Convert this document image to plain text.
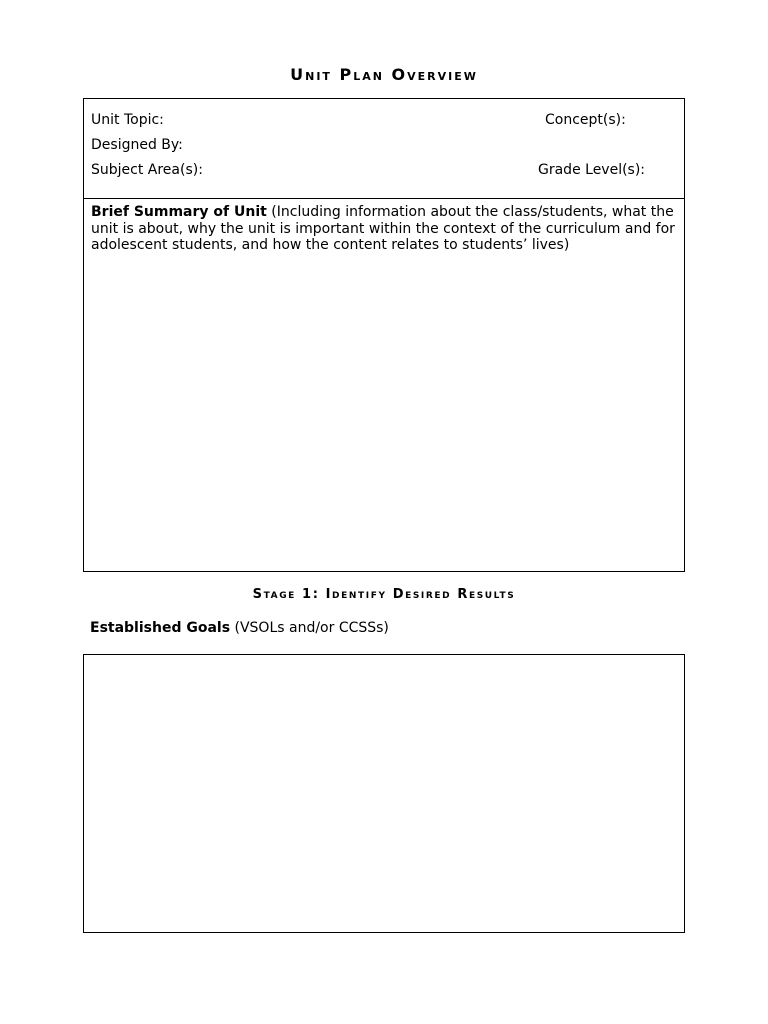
Unit Plan Overview
Unit Topic:	Concept(s):
Designed By:
Subject Area(s):	Grade Level(s):
Brief Summary of Unit (Including information about the class/students, what the unit is about, why the unit is important within the context of the curriculum and for adolescent students, and how the content relates to students’ lives)
Stage 1: Identify Desired Results
Established Goals (VSOLs and/or CCSSs)
